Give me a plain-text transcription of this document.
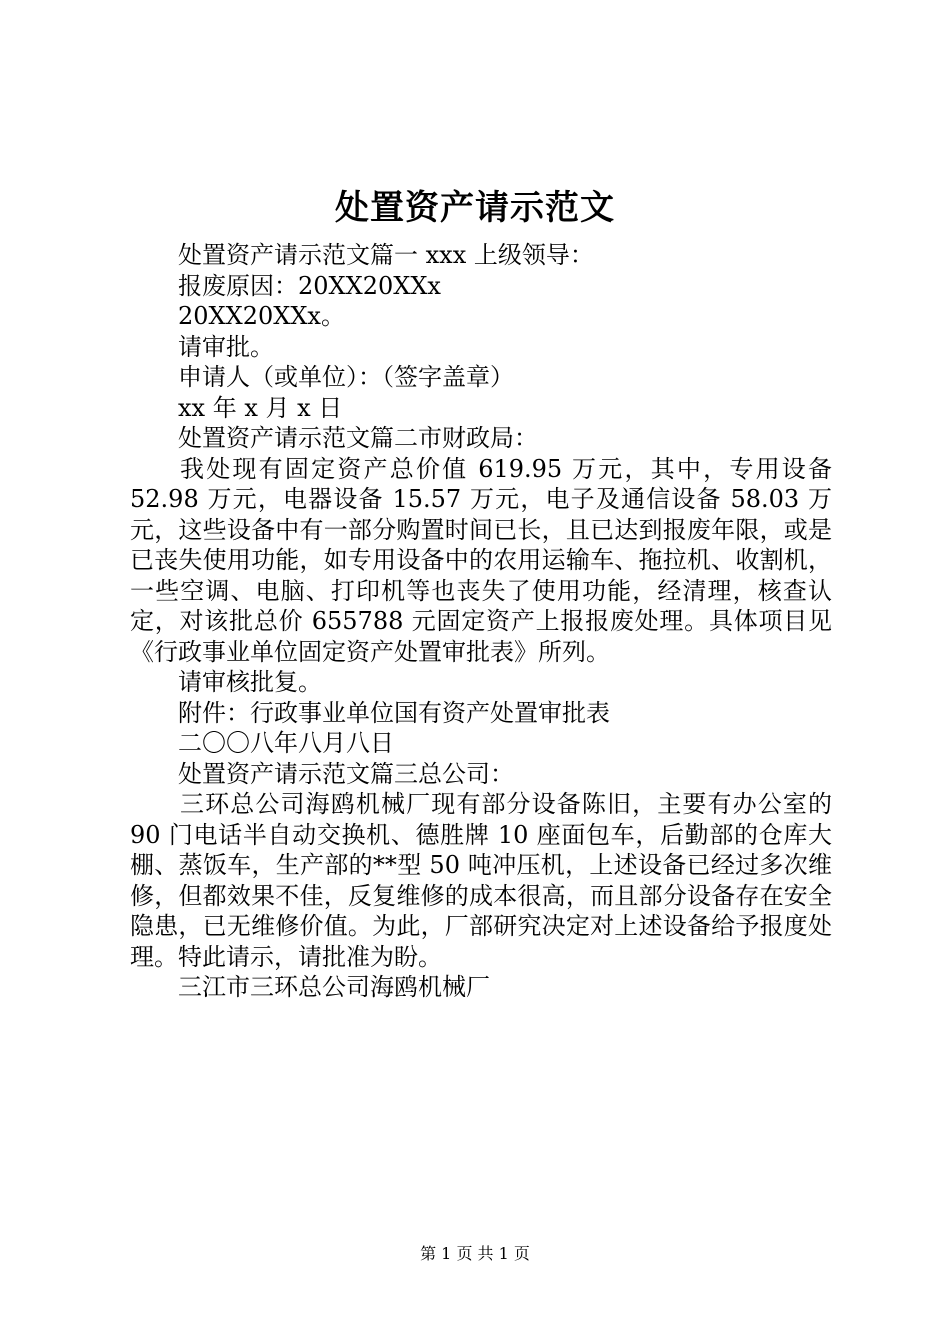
处置资产请示范文

处置资产请示范文篇一 xxx 上级领导：

报废原因：20XX20XXx

20XX20XXx。

请审批。

申请人（或单位）：（签字盖章）

xx 年 x 月 x 日

处置资产请示范文篇二市财政局：

我处现有固定资产总价值 619.95 万元，其中，专用设备 52.98 万元，电器设备 15.57 万元，电子及通信设备 58.03 万元，这些设备中有一部分购置时间已长，且已达到报废年限，或是已丧失使用功能，如专用设备中的农用运输车、拖拉机、收割机，一些空调、电脑、打印机等也丧失了使用功能，经清理，核查认定，对该批总价 655788 元固定资产上报报废处理。具体项目见《行政事业单位固定资产处置审批表》所列。

请审核批复。

附件：行政事业单位国有资产处置审批表

二〇〇八年八月八日

处置资产请示范文篇三总公司：

三环总公司海鸥机械厂现有部分设备陈旧，主要有办公室的 90 门电话半自动交换机、德胜牌 10 座面包车，后勤部的仓库大棚、蒸饭车，生产部的**型 50 吨冲压机，上述设备已经过多次维修，但都效果不佳，反复维修的成本很高，而且部分设备存在安全隐患，已无维修价值。为此，厂部研究决定对上述设备给予报度处理。特此请示，请批准为盼。

三江市三环总公司海鸥机械厂

第 1 页 共 1 页
